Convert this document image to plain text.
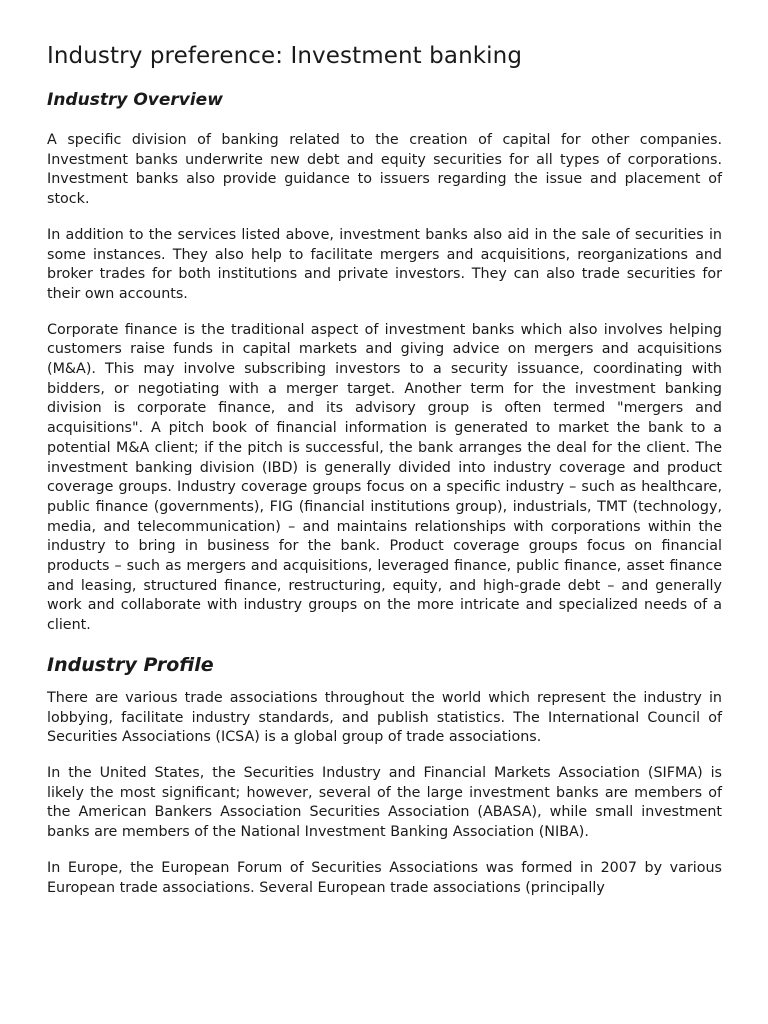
Industry preference: Investment banking
Industry Overview

A specific division of banking related to the creation of capital for other companies. Investment banks underwrite new debt and equity securities for all types of corporations. Investment banks also provide guidance to issuers regarding the issue and placement of stock.

In addition to the services listed above, investment banks also aid in the sale of securities in some instances. They also help to facilitate mergers and acquisitions, reorganizations and broker trades for both institutions and private investors. They can also trade securities for their own accounts.

Corporate finance is the traditional aspect of investment banks which also involves helping customers raise funds in capital markets and giving advice on mergers and acquisitions (M&A). This may involve subscribing investors to a security issuance, coordinating with bidders, or negotiating with a merger target. Another term for the investment banking division is corporate finance, and its advisory group is often termed "mergers and acquisitions". A pitch book of financial information is generated to market the bank to a potential M&A client; if the pitch is successful, the bank arranges the deal for the client. The investment banking division (IBD) is generally divided into industry coverage and product coverage groups. Industry coverage groups focus on a specific industry – such as healthcare, public finance (governments), FIG (financial institutions group), industrials, TMT (technology, media, and telecommunication) – and maintains relationships with corporations within the industry to bring in business for the bank. Product coverage groups focus on financial products – such as mergers and acquisitions, leveraged finance, public finance, asset finance and leasing, structured finance, restructuring, equity, and high-grade debt – and generally work and collaborate with industry groups on the more intricate and specialized needs of a client.

Industry Profile

There are various trade associations throughout the world which represent the industry in lobbying, facilitate industry standards, and publish statistics. The International Council of Securities Associations (ICSA) is a global group of trade associations.

In the United States, the Securities Industry and Financial Markets Association (SIFMA) is likely the most significant; however, several of the large investment banks are members of the American Bankers Association Securities Association (ABASA), while small investment banks are members of the National Investment Banking Association (NIBA).

In Europe, the European Forum of Securities Associations was formed in 2007 by various European trade associations. Several European trade associations (principally
